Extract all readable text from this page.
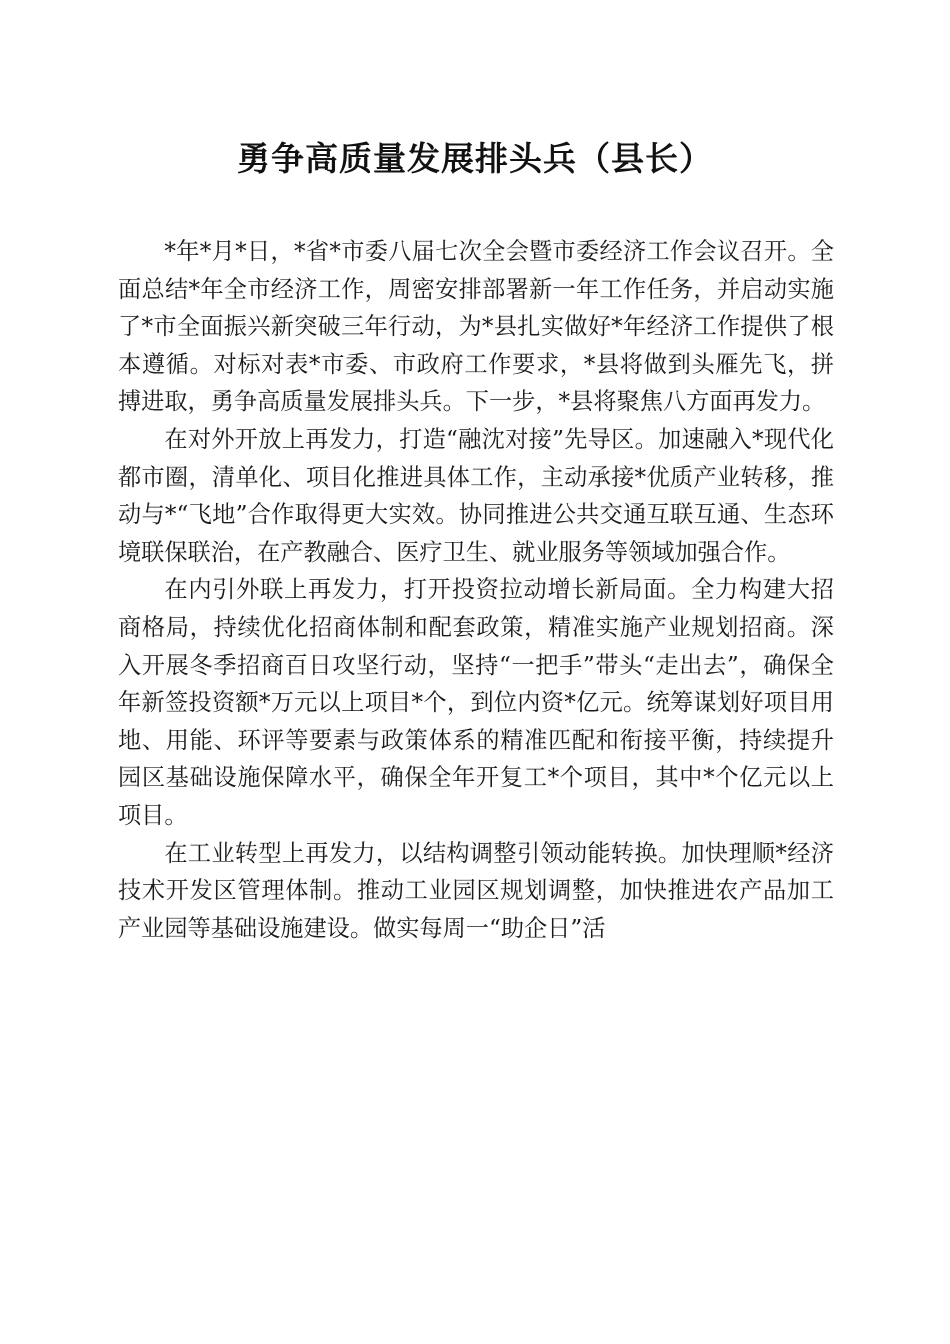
勇争高质量发展排头兵（县长）

*年*月*日，*省*市委八届七次全会暨市委经济工作会议召开。全面总结*年全市经济工作，周密安排部署新一年工作任务，并启动实施了*市全面振兴新突破三年行动，为*县扎实做好*年经济工作提供了根本遵循。对标对表*市委、市政府工作要求，*县将做到头雁先飞，拼搏进取，勇争高质量发展排头兵。下一步，*县将聚焦八方面再发力。

在对外开放上再发力，打造“融沈对接”先导区。加速融入*现代化都市圈，清单化、项目化推进具体工作，主动承接*优质产业转移，推动与*“飞地”合作取得更大实效。协同推进公共交通互联互通、生态环境联保联治，在产教融合、医疗卫生、就业服务等领域加强合作。

在内引外联上再发力，打开投资拉动增长新局面。全力构建大招商格局，持续优化招商体制和配套政策，精准实施产业规划招商。深入开展冬季招商百日攻坚行动，坚持“一把手”带头“走出去”，确保全年新签投资额*万元以上项目*个，到位内资*亿元。统筹谋划好项目用地、用能、环评等要素与政策体系的精准匹配和衔接平衡，持续提升园区基础设施保障水平，确保全年开复工*个项目，其中*个亿元以上项目。

在工业转型上再发力，以结构调整引领动能转换。加快理顺*经济技术开发区管理体制。推动工业园区规划调整，加快推进农产品加工产业园等基础设施建设。做实每周一“助企日”活
